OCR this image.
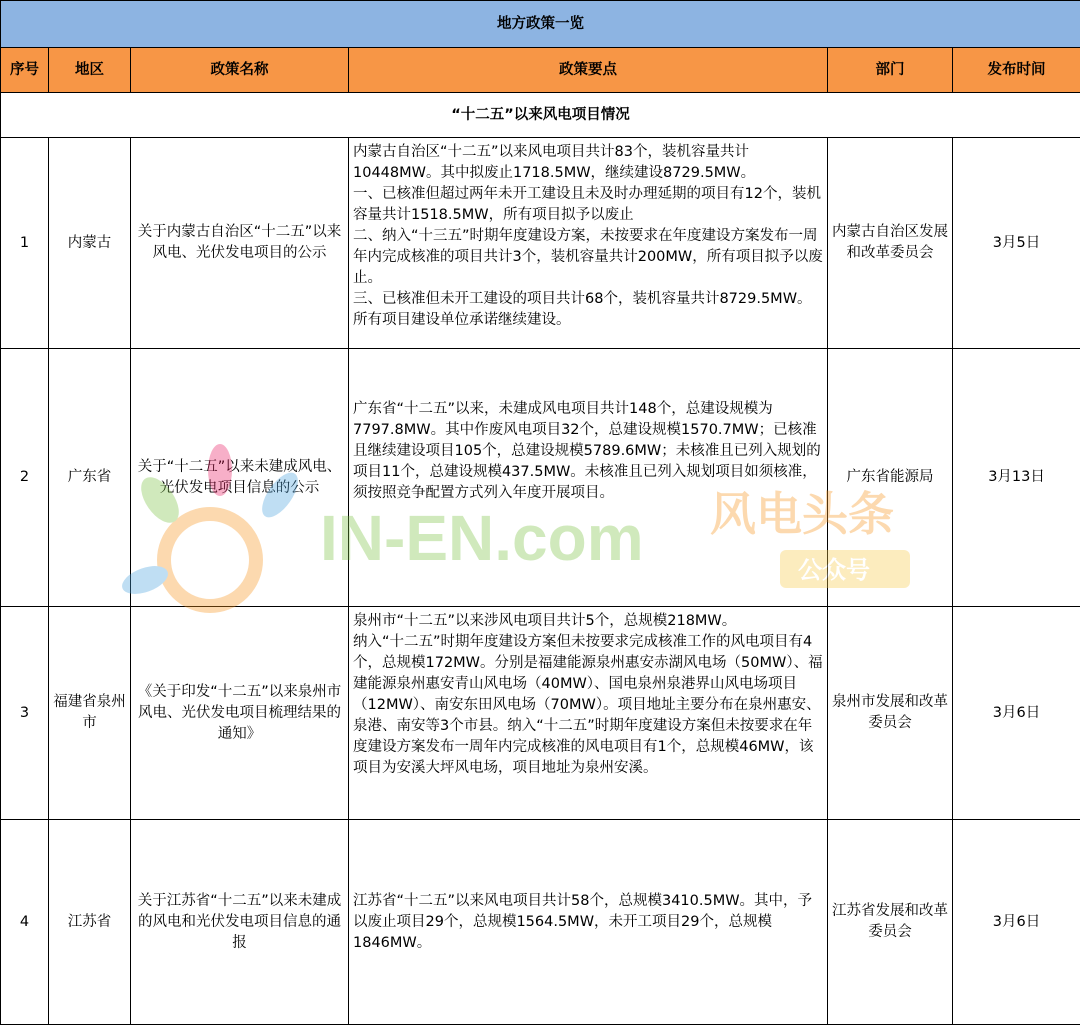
地方政策一览					
序号	地区	政策名称	政策要点	部门	发布时间
“十二五”以来风电项目情况					
1	内蒙古	关于内蒙古自治区“十二五”以来风电、光伏发电项目的公示	内蒙古自治区“十二五”以来风电项目共计83个，装机容量共计10448MW。其中拟废止1718.5MW，继续建设8729.5MW。

一、已核准但超过两年未开工建设且未及时办理延期的项目有12个，装机容量共计1518.5MW，所有项目拟予以废止

二、纳入“十三五”时期年度建设方案，未按要求在年度建设方案发布一周年内完成核准的项目共计3个，装机容量共计200MW，所有项目拟予以废止。

三、已核准但未开工建设的项目共计68个，装机容量共计8729.5MW。所有项目建设单位承诺继续建设。	内蒙古自治区发展和改革委员会	3月5日
2	广东省	关于“十二五”以来未建成风电、光伏发电项目信息的公示	广东省“十二五”以来，未建成风电项目共计148个，总建设规模为7797.8MW。其中作废风电项目32个，总建设规模1570.7MW；已核准且继续建设项目105个，总建设规模5789.6MW；未核准且已列入规划的项目11个，总建设规模437.5MW。未核准且已列入规划项目如须核准，须按照竞争配置方式列入年度开展项目。	广东省能源局	3月13日
3	福建省泉州市	《关于印发“十二五”以来泉州市风电、光伏发电项目梳理结果的通知》	泉州市“十二五”以来涉风电项目共计5个，总规模218MW。

纳入“十二五”时期年度建设方案但未按要求完成核准工作的风电项目有4个，总规模172MW。分别是福建能源泉州惠安赤湖风电场（50MW）、福建能源泉州惠安青山风电场（40MW）、国电泉州泉港界山风电场项目（12MW）、南安东田风电场（70MW）。项目地址主要分布在泉州惠安、泉港、南安等3个市县。纳入“十二五”时期年度建设方案但未按要求在年度建设方案发布一周年内完成核准的风电项目有1个，总规模46MW，该项目为安溪大坪风电场，项目地址为泉州安溪。	泉州市发展和改革委员会	3月6日
4	江苏省	关于江苏省“十二五”以来未建成的风电和光伏发电项目信息的通报	江苏省“十二五”以来风电项目共计58个，总规模3410.5MW。其中，予以废止项目29个，总规模1564.5MW，未开工项目29个，总规模1846MW。	江苏省发展和改革委员会	3月6日
IN-EN.com 风电头条
公众号
